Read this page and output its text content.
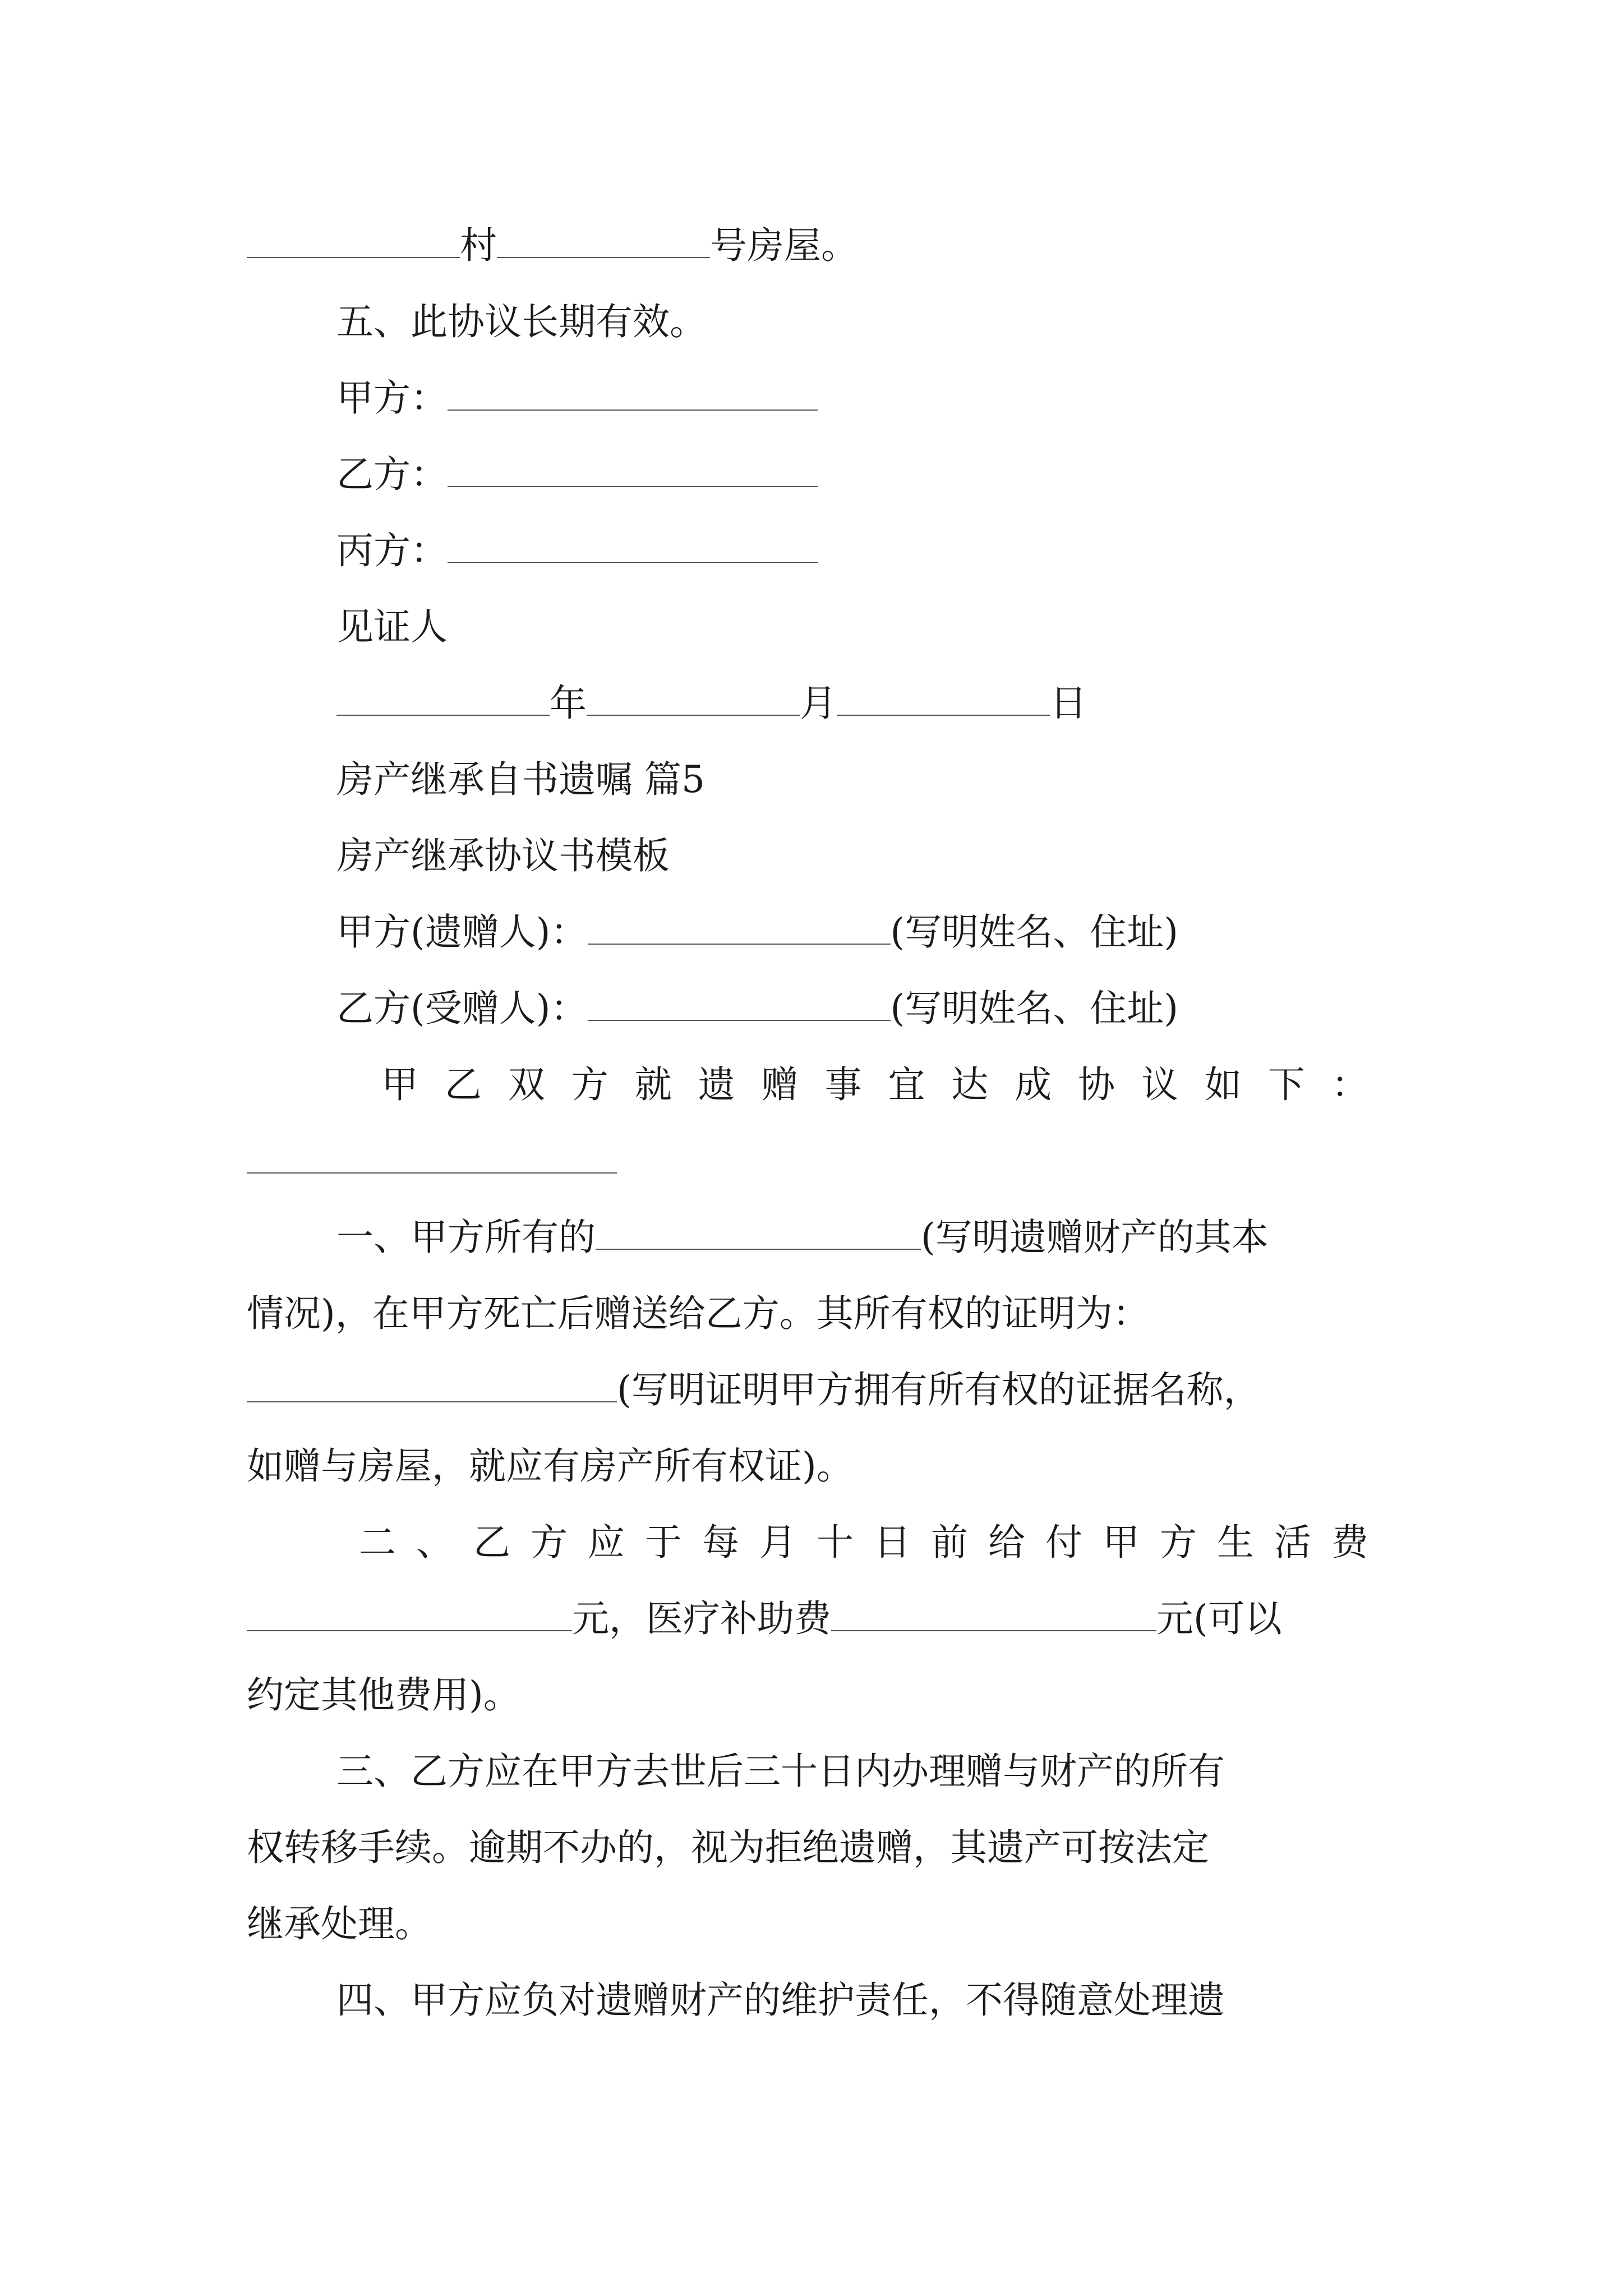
村	号房屋。
五、此协议长期有效。
甲方：
乙方：
丙方：
见证人
年	月	日
房产继承自书遗嘱 篇5
房产继承协议书模板
甲方(遗赠人)：	(写明姓名、住址)
乙方(受赠人)：	(写明姓名、住址)
甲 乙 双 方 就 遗 赠 事 宜 达 成 协 议 如 下 ：
一、甲方所有的	(写明遗赠财产的其本
情况)，在甲方死亡后赠送给乙方。其所有权的证明为：
(写明证明甲方拥有所有权的证据名称，
如赠与房屋，就应有房产所有权证)。
二 、 乙 方 应 于 每 月 十 日 前 给 付 甲 方 生 活 费
元，医疗补助费	元(可以
约定其他费用)。
三、乙方应在甲方去世后三十日内办理赠与财产的所有
权转移手续。逾期不办的，视为拒绝遗赠，其遗产可按法定
继承处理。
四、甲方应负对遗赠财产的维护责任，不得随意处理遗
